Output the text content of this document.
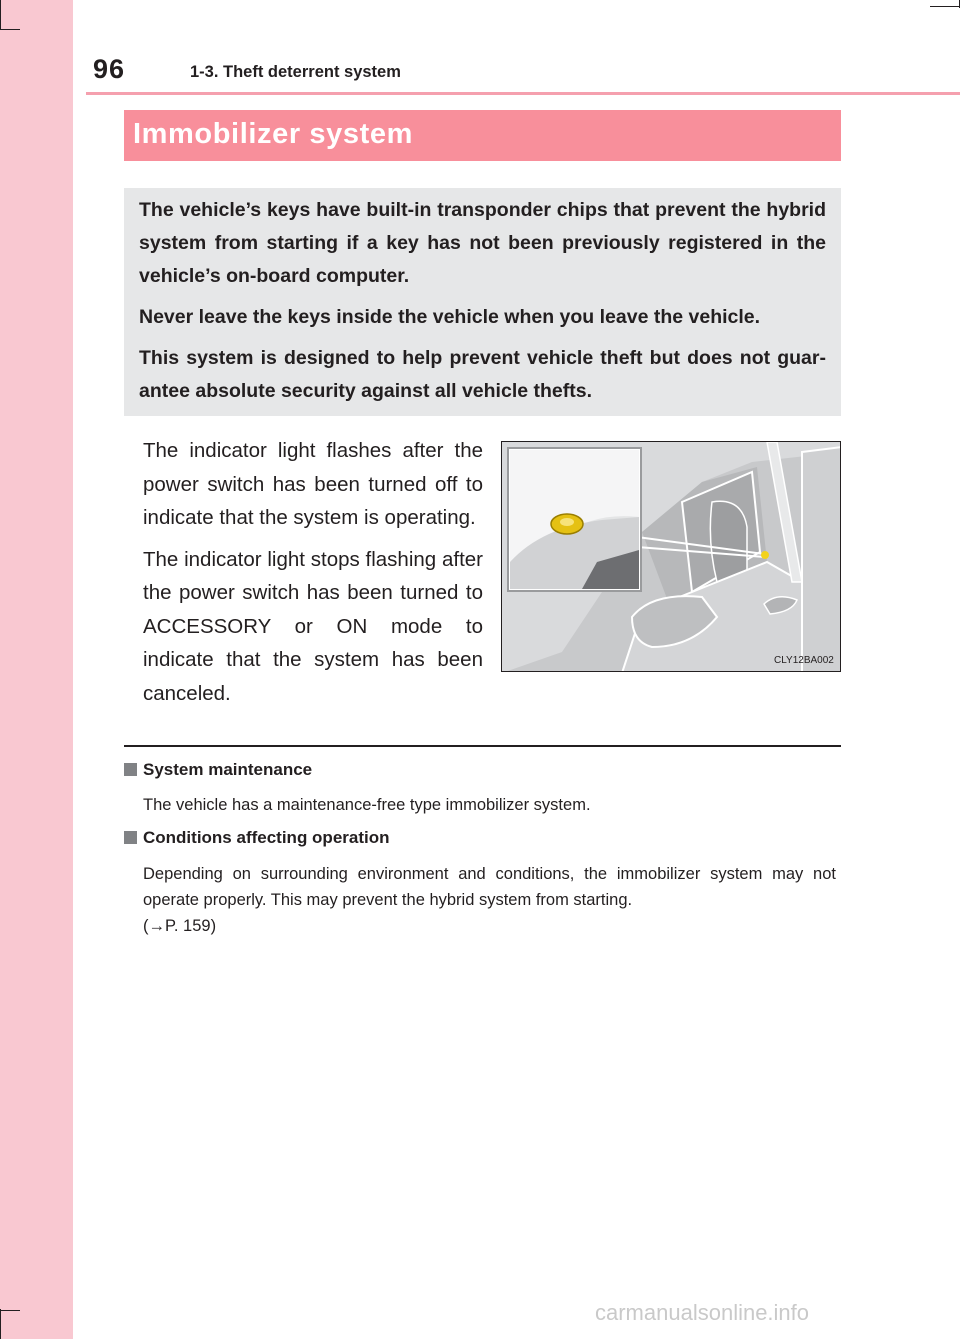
96	1-3. Theft deterrent system
Immobilizer system

The vehicle’s keys have built-in transponder chips that prevent the hybrid system from starting if a key has not been previously registered in the vehicle’s on-board computer.

Never leave the keys inside the vehicle when you leave the vehicle.

This system is designed to help prevent vehicle theft but does not guar-antee absolute security against all vehicle thefts.

The indicator light flashes after the power switch has been turned off to indicate that the system is operating.

The indicator light stops flashing after the power switch has been turned to ACCESSORY or ON mode to indicate that the system has been canceled.

CLY12BA002
System maintenance
The vehicle has a maintenance-free type immobilizer system.
Conditions affecting operation
Depending on surrounding environment and conditions, the immobilizer system may not operate properly. This may prevent the hybrid system from starting.
(→P. 159)
carmanualsonline.info
